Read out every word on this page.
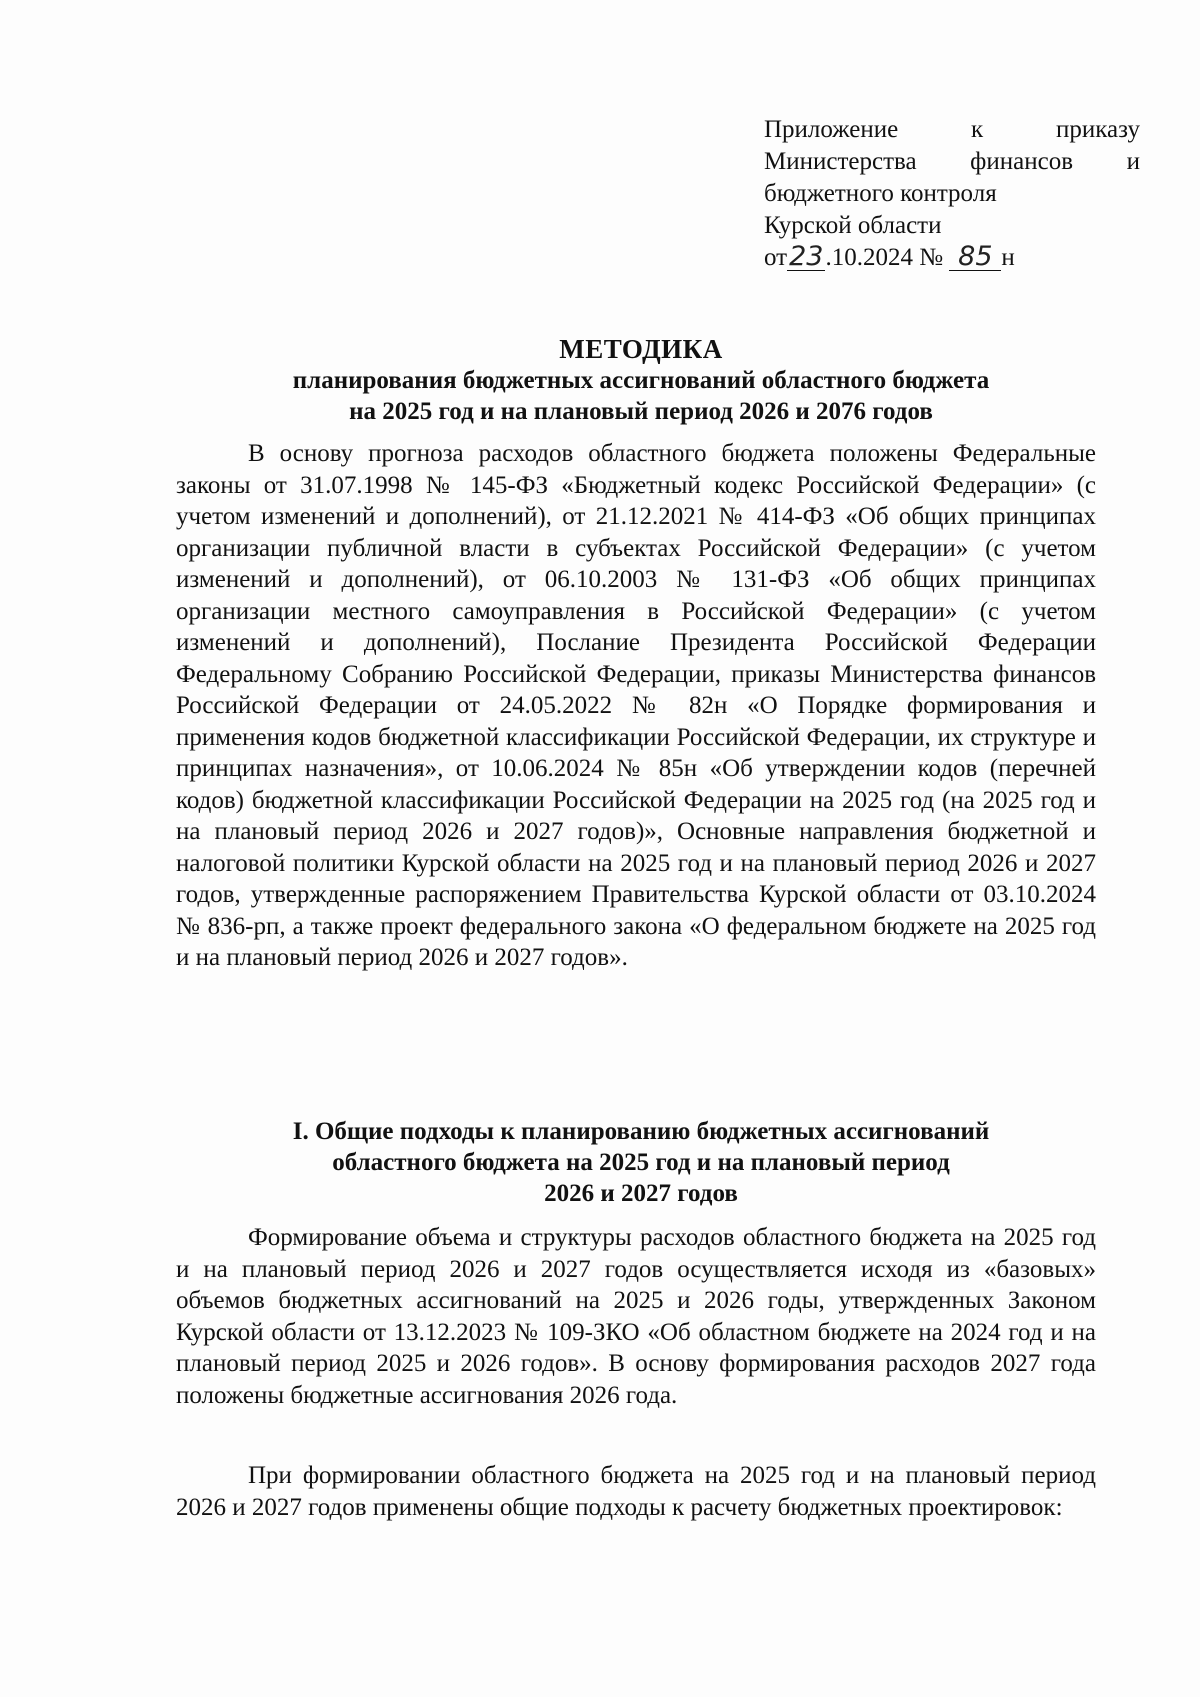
Приложение	к	приказу
Министерства финансов и
бюджетного контроля
Курской области
от23.10.2024 № 85 н
МЕТОДИКА
планирования бюджетных ассигнований областного бюджета
на 2025 год и на плановый период 2026 и 2076 годов

В основу прогноза расходов областного бюджета положены Федеральные законы от 31.07.1998 № 145-ФЗ «Бюджетный кодекс Российской Федерации» (с учетом изменений и дополнений), от 21.12.2021 № 414-ФЗ «Об общих принципах организации публичной власти в субъектах Российской Федерации» (с учетом изменений и дополнений), от 06.10.2003 № 131-ФЗ «Об общих принципах организации местного самоуправления в Российской Федерации» (с учетом изменений и дополнений), Послание Президента Российской Федерации Федеральному Собранию Российской Федерации, приказы Министерства финансов Российской Федерации от 24.05.2022 № 82н «О Порядке формирования и применения кодов бюджетной классификации Российской Федерации, их структуре и принципах назначения», от 10.06.2024 № 85н «Об утверждении кодов (перечней кодов) бюджетной классификации Российской Федерации на 2025 год (на 2025 год и на плановый период 2026 и 2027 годов)», Основные направления бюджетной и налоговой политики Курской области на 2025 год и на плановый период 2026 и 2027 годов, утвержденные распоряжением Правительства Курской области от 03.10.2024 № 836-рп, а также проект федерального закона «О федеральном бюджете на 2025 год и на плановый период 2026 и 2027 годов».

I. Общие подходы к планированию бюджетных ассигнований
областного бюджета на 2025 год и на плановый период
2026 и 2027 годов

Формирование объема и структуры расходов областного бюджета на 2025 год и на плановый период 2026 и 2027 годов осуществляется исходя из «базовых» объемов бюджетных ассигнований на 2025 и 2026 годы, утвержденных Законом Курской области от 13.12.2023 № 109-ЗКО «Об областном бюджете на 2024 год и на плановый период 2025 и 2026 годов». В основу формирования расходов 2027 года положены бюджетные ассигнования 2026 года.

При формировании областного бюджета на 2025 год и на плановый период 2026 и 2027 годов применены общие подходы к расчету бюджетных проектировок:
